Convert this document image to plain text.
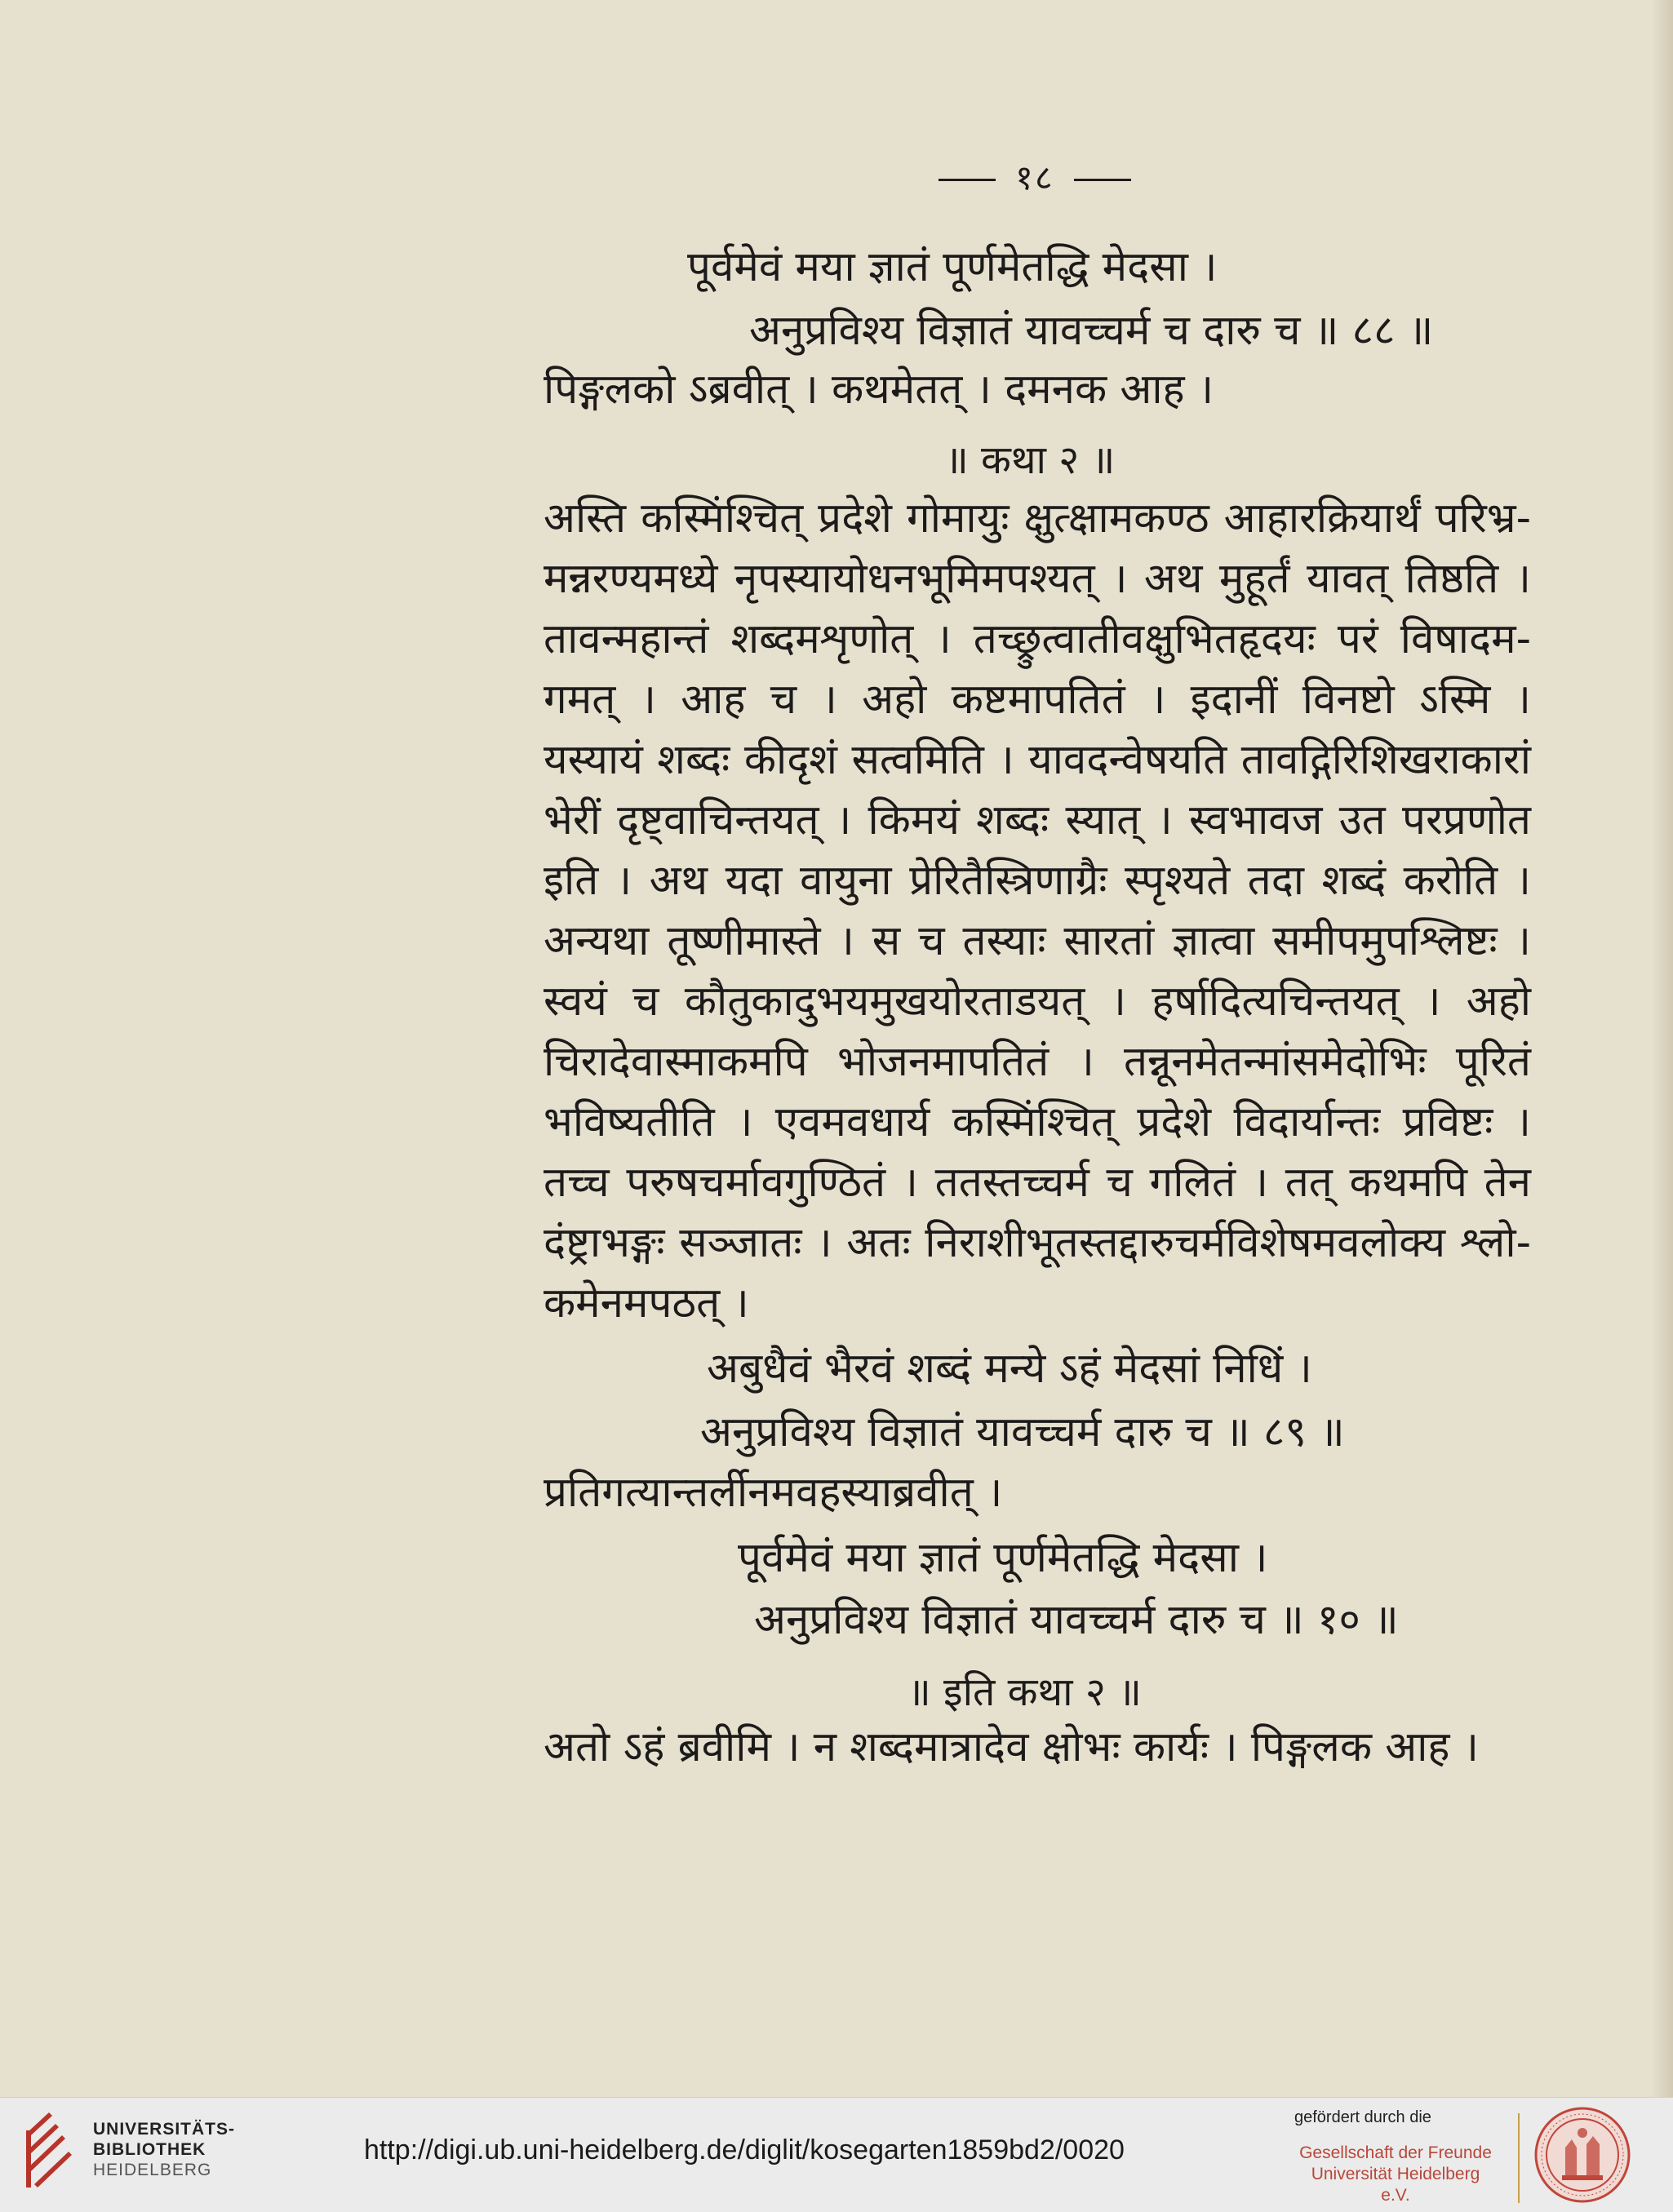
१८
पूर्वमेवं मया ज्ञातं पूर्णमेतद्धि मेदसा ।
अनुप्रविश्य विज्ञातं यावच्चर्म च दारु च ॥ ८८ ॥
पिङ्गलको ऽब्रवीत् । कथमेतत् । दमनक आह ।
॥ कथा २ ॥
अस्ति कस्मिंश्चित् प्रदेशे गोमायुः क्षुत्क्षामकण्ठ आहारक्रियार्थं परिभ्र-
मन्नरण्यमध्ये नृपस्यायोधनभूमिमपश्यत् । अथ मुहूर्तं यावत् तिष्ठति ।
तावन्महान्तं शब्दमशृणोत् । तच्छ्रुत्वातीवक्षुभितहृदयः परं विषादम-
गमत् । आह च । अहो कष्टमापतितं । इदानीं विनष्टो ऽस्मि ।
यस्यायं शब्दः कीदृशं सत्वमिति । यावदन्वेषयति तावद्गिरिशिखराकारां
भेरीं दृष्ट्वाचिन्तयत् । किमयं शब्दः स्यात् । स्वभावज उत परप्रणोत
इति । अथ यदा वायुना प्रेरितैस्त्रिणाग्रैः स्पृश्यते तदा शब्दं करोति ।
अन्यथा तूष्णीमास्ते । स च तस्याः सारतां ज्ञात्वा समीपमुपश्लिष्टः ।
स्वयं च कौतुकादुभयमुखयोरताडयत् । हर्षादित्यचिन्तयत् । अहो
चिरादेवास्माकमपि भोजनमापतितं । तन्नूनमेतन्मांसमेदोभिः पूरितं
भविष्यतीति । एवमवधार्य कस्मिंश्चित् प्रदेशे विदार्यान्तः प्रविष्टः ।
तच्च परुषचर्मावगुण्ठितं । ततस्तच्चर्म च गलितं । तत् कथमपि तेन
दंष्ट्राभङ्गः सञ्जातः । अतः निराशीभूतस्तद्दारुचर्मविशेषमवलोक्य श्लो-
कमेनमपठत् ।
अबुधैवं भैरवं शब्दं मन्ये ऽहं मेदसां निधिं ।
अनुप्रविश्य विज्ञातं यावच्चर्म दारु च ॥ ८९ ॥
प्रतिगत्यान्तर्लीनमवहस्याब्रवीत् ।
पूर्वमेवं मया ज्ञातं पूर्णमेतद्धि मेदसा ।
अनुप्रविश्य विज्ञातं यावच्चर्म दारु च ॥ १० ॥
॥ इति कथा २ ॥
अतो ऽहं ब्रवीमि । न शब्दमात्रादेव क्षोभः कार्यः । पिङ्गलक आह ।
UNIVERSITÄTS-
BIBLIOTHEK
HEIDELBERG
http://digi.ub.uni-heidelberg.de/diglit/kosegarten1859bd2/0020
gefördert durch die
Gesellschaft der Freunde
Universität Heidelberg e.V.
